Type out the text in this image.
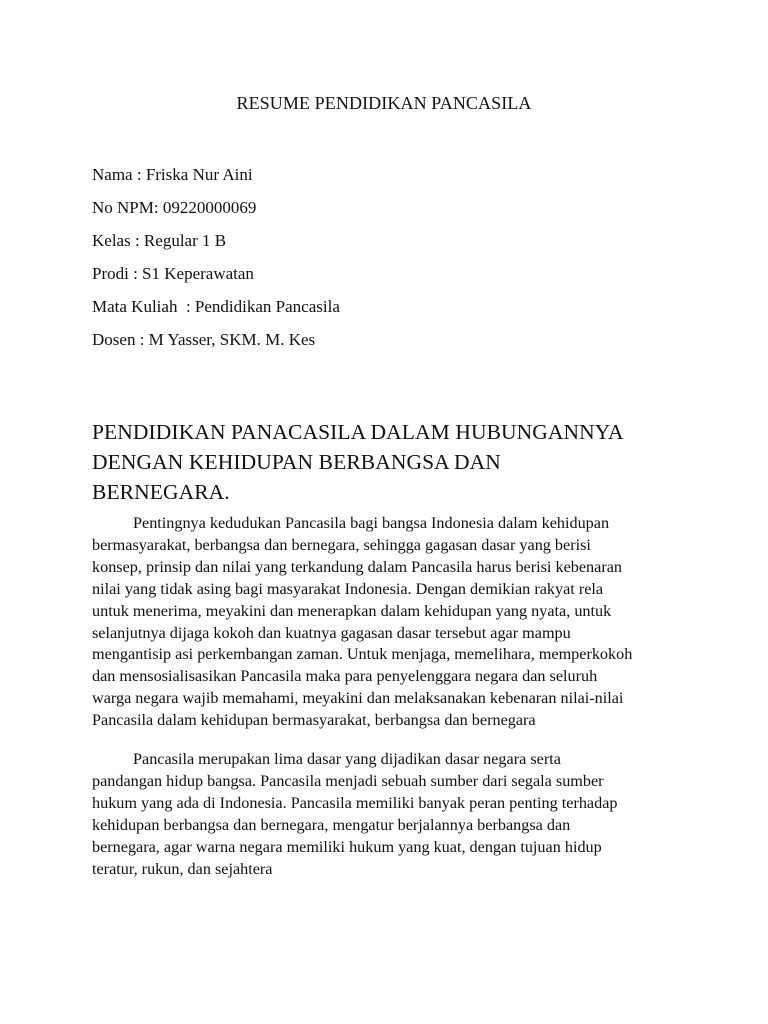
RESUME PENDIDIKAN PANCASILA
Nama : Friska Nur Aini
No NPM: 09220000069
Kelas : Regular 1 B
Prodi : S1 Keperawatan
Mata Kuliah  : Pendidikan Pancasila
Dosen : M Yasser, SKM. M. Kes
PENDIDIKAN PANACASILA DALAM HUBUNGANNYA
DENGAN KEHIDUPAN BERBANGSA DAN
BERNEGARA.
Pentingnya kedudukan Pancasila bagi bangsa Indonesia dalam kehidupan
bermasyarakat, berbangsa dan bernegara, sehingga gagasan dasar yang berisi
konsep, prinsip dan nilai yang terkandung dalam Pancasila harus berisi kebenaran
nilai yang tidak asing bagi masyarakat Indonesia. Dengan demikian rakyat rela
untuk menerima, meyakini dan menerapkan dalam kehidupan yang nyata, untuk
selanjutnya dijaga kokoh dan kuatnya gagasan dasar tersebut agar mampu
mengantisip asi perkembangan zaman. Untuk menjaga, memelihara, memperkokoh
dan mensosialisasikan Pancasila maka para penyelenggara negara dan seluruh
warga negara wajib memahami, meyakini dan melaksanakan kebenaran nilai-nilai
Pancasila dalam kehidupan bermasyarakat, berbangsa dan bernegara
Pancasila merupakan lima dasar yang dijadikan dasar negara serta
pandangan hidup bangsa. Pancasila menjadi sebuah sumber dari segala sumber
hukum yang ada di Indonesia. Pancasila memiliki banyak peran penting terhadap
kehidupan berbangsa dan bernegara, mengatur berjalannya berbangsa dan
bernegara, agar warna negara memiliki hukum yang kuat, dengan tujuan hidup
teratur, rukun, dan sejahtera
